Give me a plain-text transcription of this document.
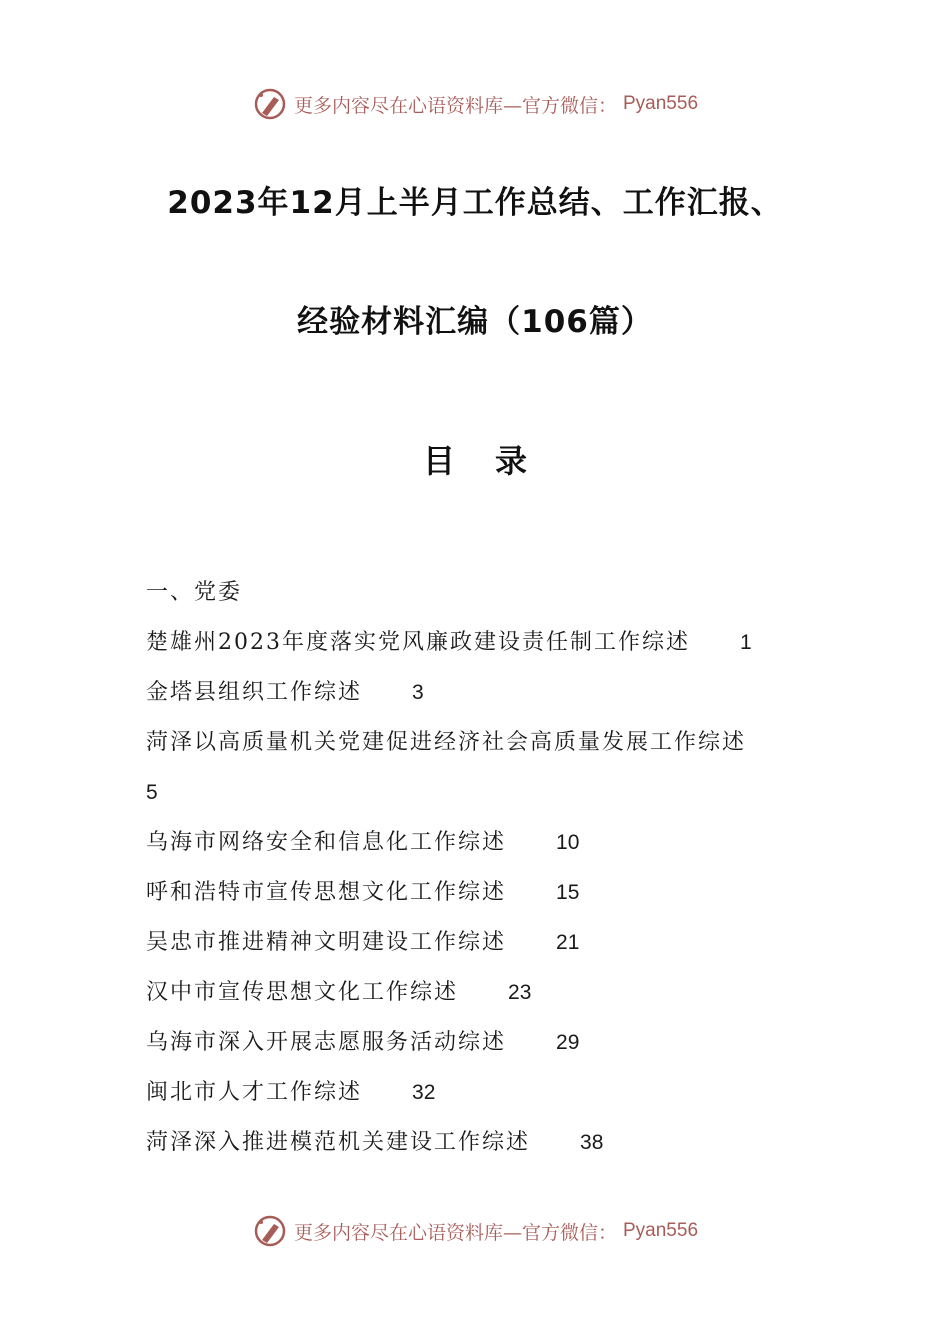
更多内容尽在心语资料库—官方微信： Pyan556
2023年12月上半月工作总结、工作汇报、
经验材料汇编（106篇）
目录
一、党委
楚雄州2023年度落实党风廉政建设责任制工作综述 1
金塔县组织工作综述 3
菏泽以高质量机关党建促进经济社会高质量发展工作综述
5
乌海市网络安全和信息化工作综述 10
呼和浩特市宣传思想文化工作综述 15
吴忠市推进精神文明建设工作综述 21
汉中市宣传思想文化工作综述 23
乌海市深入开展志愿服务活动综述 29
闽北市人才工作综述 32
菏泽深入推进模范机关建设工作综述 38
更多内容尽在心语资料库—官方微信： Pyan556
